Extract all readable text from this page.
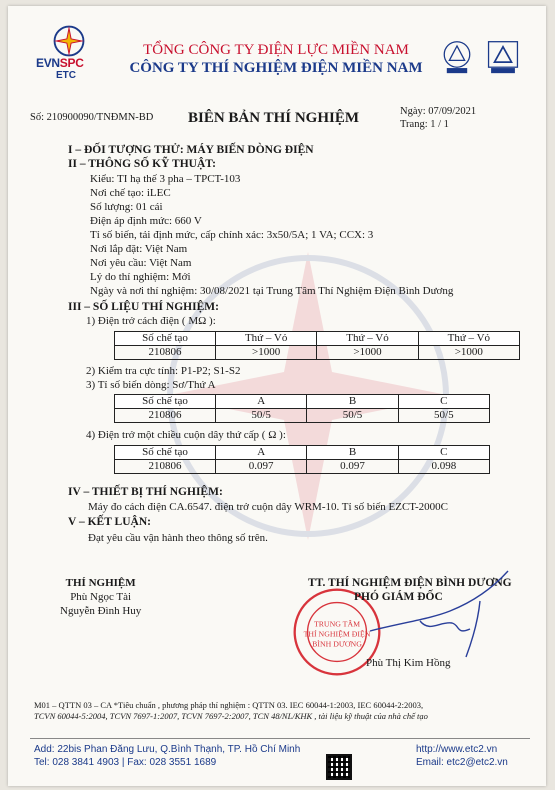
EVNSPC
ETC
TỔNG CÔNG TY ĐIỆN LỰC MIỀN NAM
CÔNG TY THÍ NGHIỆM ĐIỆN MIỀN NAM
Số: 210900090/TNĐMN-BD BIÊN BẢN THÍ NGHIỆM	Ngày: 07/09/2021
Trang: 1 / 1
I – ĐỐI TƯỢNG THỬ: MÁY BIẾN DÒNG ĐIỆN
II – THÔNG SỐ KỸ THUẬT:
Kiểu: TI hạ thế 3 pha – TPCT-103
Nơi chế tạo: iLEC
Số lượng: 01 cái
Điện áp định mức: 660 V
Tỉ số biến, tải định mức, cấp chính xác: 3x50/5A; 1 VA; CCX: 3
Nơi lắp đặt: Việt Nam
Nơi yêu cầu: Việt Nam
Lý do thí nghiệm: Mới
Ngày và nơi thí nghiệm: 30/08/2021 tại Trung Tâm Thí Nghiệm Điện Bình Dương
III – SỐ LIỆU THÍ NGHIỆM:
1) Điện trở cách điện ( MΩ ):
Số chế tạo	Thứ – Vỏ	Thứ – Vỏ	Thứ – Vỏ
210806	>1000	>1000	>1000
2) Kiểm tra cực tính: P1-P2; S1-S2
3) Tỉ số biến dòng: Sơ/Thứ A
Số chế tạo	A	B	C
210806	50/5	50/5	50/5
4) Điện trở một chiều cuộn dây thứ cấp ( Ω ):
Số chế tạo	A	B	C
210806	0.097	0.097	0.098
IV – THIẾT BỊ THÍ NGHIỆM:
Máy đo cách điện CA.6547. điện trở cuộn dây WRM-10. Tỉ số biến EZCT-2000C
V – KẾT LUẬN:
Đạt yêu cầu vận hành theo thông số trên.
THÍ NGHIỆM
Phù Ngọc Tài
Nguyễn Đình Huy
TRUNG TÂM
THÍ NGHIỆM ĐIỆN
BÌNH DƯƠNG
TT. THÍ NGHIỆM ĐIỆN BÌNH DƯƠNG
PHÓ GIÁM ĐỐC
Phù Thị Kim Hồng
M01 – QTTN 03 – CA *Tiêu chuẩn , phương pháp thí nghiệm : QTTN 03. IEC 60044-1:2003, IEC 60044-2:2003,
TCVN 60044-5:2004, TCVN 7697-1:2007, TCVN 7697-2:2007, TCN 48/NL/KHK , tài liệu kỹ thuật của nhà chế tạo
Add: 22bis Phan Đăng Lưu, Q.Bình Thạnh, TP. Hồ Chí Minh
Tel: 028 3841 4903 | Fax: 028 3551 1689
http://www.etc2.vn
Email: etc2@etc2.vn
